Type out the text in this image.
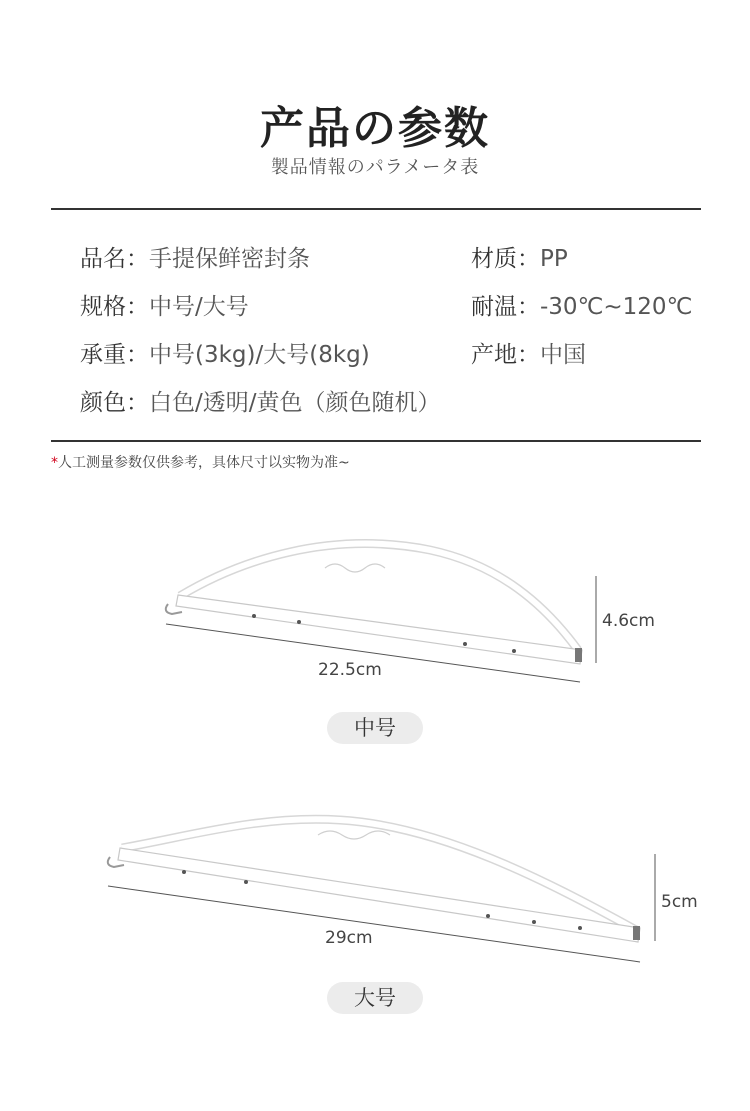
产品の参数
製品情報のパラメータ表
品名：手提保鲜密封条	材质：PP
规格：中号/大号	耐温：-30℃~120℃
承重：中号(3kg)/大号(8kg)	产地：中国
颜色：白色/透明/黄色（颜色随机）
*人工测量参数仅供参考，具体尺寸以实物为准~
22.5cm
4.6cm
中号
29cm
5cm
大号
